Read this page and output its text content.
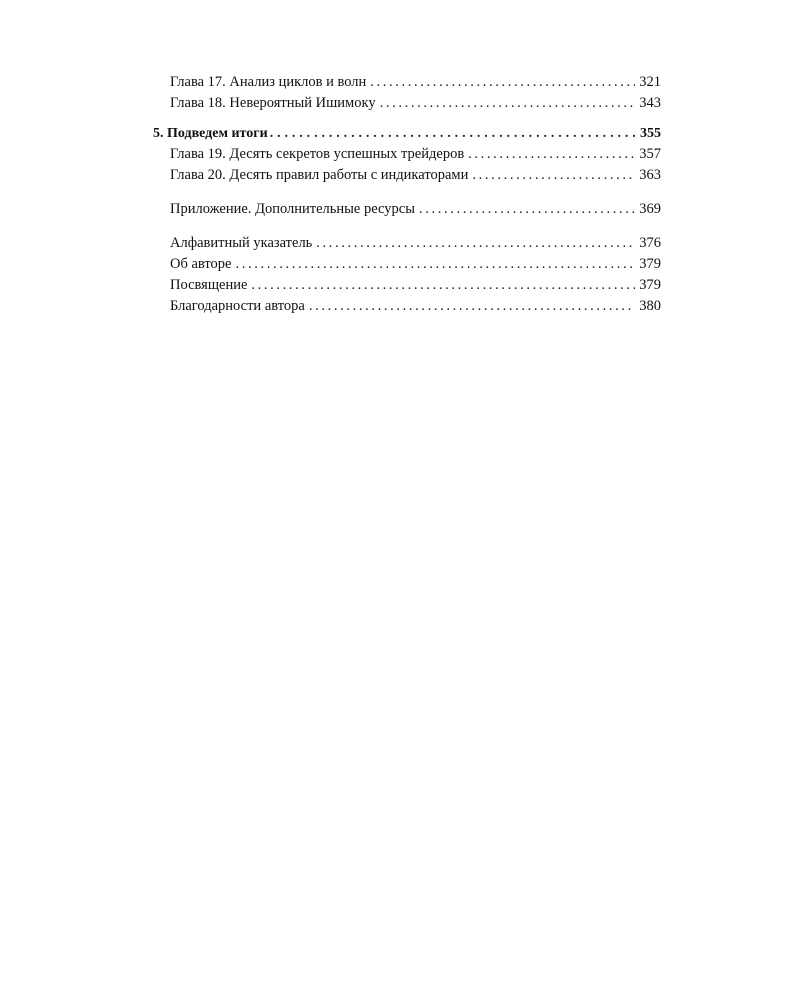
Глава 17. Анализ циклов и волн . . .	321
Глава 18. Невероятный Ишимоку . . .	343
5. Подведем итоги .....	355
Глава 19. Десять секретов успешных трейдеров . . .	357
Глава 20. Десять правил работы с индикаторами . . .	363
Приложение. Дополнительные ресурсы . . .	369
Алфавитный указатель . . .	376
Об авторе . . .	379
Посвящение . . .	379
Благодарности автора . . .	380
